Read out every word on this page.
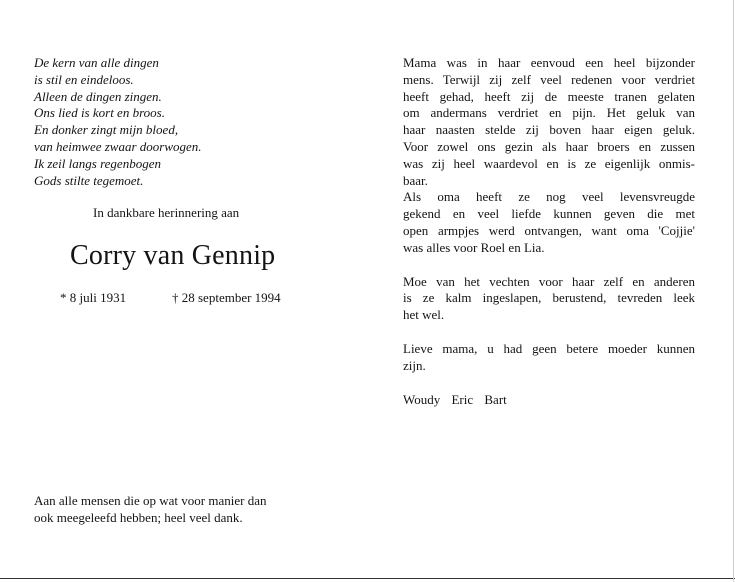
De kern van alle dingen
is stil en eindeloos.
Alleen de dingen zingen.
Ons lied is kort en broos.
En donker zingt mijn bloed,
van heimwee zwaar doorwogen.
Ik zeil langs regenbogen
Gods stilte tegemoet.
In dankbare herinnering aan
Corry van Gennip
* 8 juli 1931	† 28 september 1994
Aan alle mensen die op wat voor manier dan
ook meegeleefd hebben; heel veel dank.
Mama was in haar eenvoud een heel bijzonder
mens. Terwijl zij zelf veel redenen voor verdriet
heeft gehad, heeft zij de meeste tranen gelaten
om andermans verdriet en pijn. Het geluk van
haar naasten stelde zij boven haar eigen geluk.
Voor zowel ons gezin als haar broers en zussen
was zij heel waardevol en is ze eigenlijk onmis-
baar.
Als oma heeft ze nog veel levensvreugde
gekend en veel liefde kunnen geven die met
open armpjes werd ontvangen, want oma 'Cojjie'
was alles voor Roel en Lia.
Moe van het vechten voor haar zelf en anderen
is ze kalm ingeslapen, berustend, tevreden leek
het wel.
Lieve mama, u had geen betere moeder kunnen
zijn.
Woudy Eric Bart
